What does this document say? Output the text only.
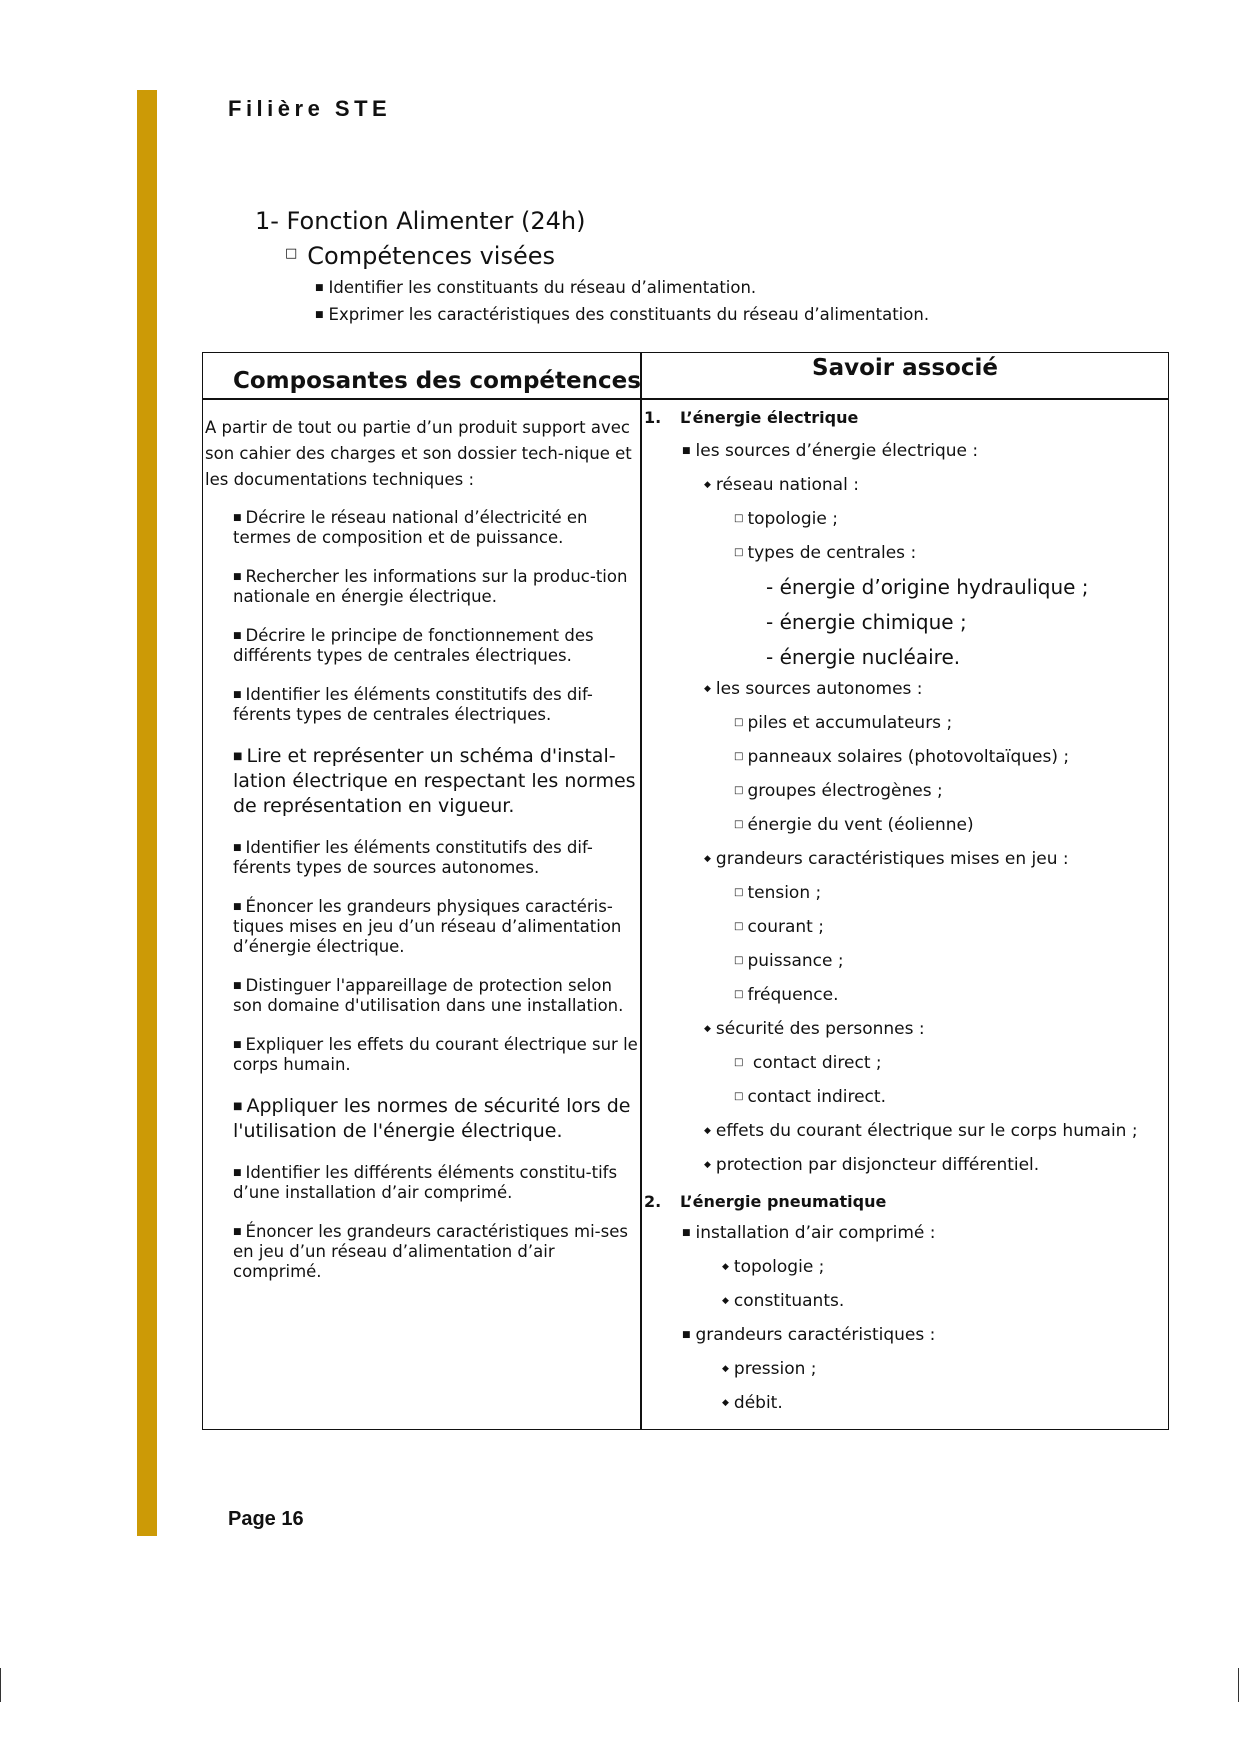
Filière STE
1- Fonction Alimenter (24h)
□ Compétences visées
■ Identifier les constituants du réseau d’alimentation.
■ Exprimer les caractéristiques des constituants du réseau d’alimentation.
Composantes des compétences	Savoir associé
A partir de tout ou partie d’un produit support avec son cahier des charges et son dossier tech-nique et les documentations techniques :
■ Décrire le réseau national d’électricité en termes de composition et de puissance.
■ Rechercher les informations sur la produc-tion nationale en énergie électrique.
■ Décrire le principe de fonctionnement des différents types de centrales électriques.
■ Identifier les éléments constitutifs des dif-férents types de centrales électriques.
■ Lire et représenter un schéma d'instal-lation électrique en respectant les normes de représentation en vigueur.
■ Identifier les éléments constitutifs des dif-férents types de sources autonomes.
■ Énoncer les grandeurs physiques caractéris-tiques mises en jeu d’un réseau d’alimentation d’énergie électrique.
■ Distinguer l'appareillage de protection selon son domaine d'utilisation dans une installation.
■ Expliquer les effets du courant électrique sur le corps humain.
■ Appliquer les normes de sécurité lors de l'utilisation de l'énergie électrique.
■ Identifier les différents éléments constitu-tifs d’une installation d’air comprimé.
■ Énoncer les grandeurs caractéristiques mi-ses en jeu d’un réseau d’alimentation d’air comprimé.
1. L’énergie électrique
■ les sources d’énergie électrique :
◆ réseau national :
□ topologie ;
□ types de centrales :
- énergie d’origine hydraulique ;
- énergie chimique ;
- énergie nucléaire.
◆ les sources autonomes :
□ piles et accumulateurs ;
□ panneaux solaires (photovoltaïques) ;
□ groupes électrogènes ;
□ énergie du vent (éolienne)
◆ grandeurs caractéristiques mises en jeu :
□ tension ;
□ courant ;
□ puissance ;
□ fréquence.
◆ sécurité des personnes :
□ contact direct ;
□ contact indirect.
◆ effets du courant électrique sur le corps humain ;
◆ protection par disjoncteur différentiel.
2. L’énergie pneumatique
■ installation d’air comprimé :
◆ topologie ;
◆ constituants.
■ grandeurs caractéristiques :
◆ pression ;
◆ débit.
Page 16
